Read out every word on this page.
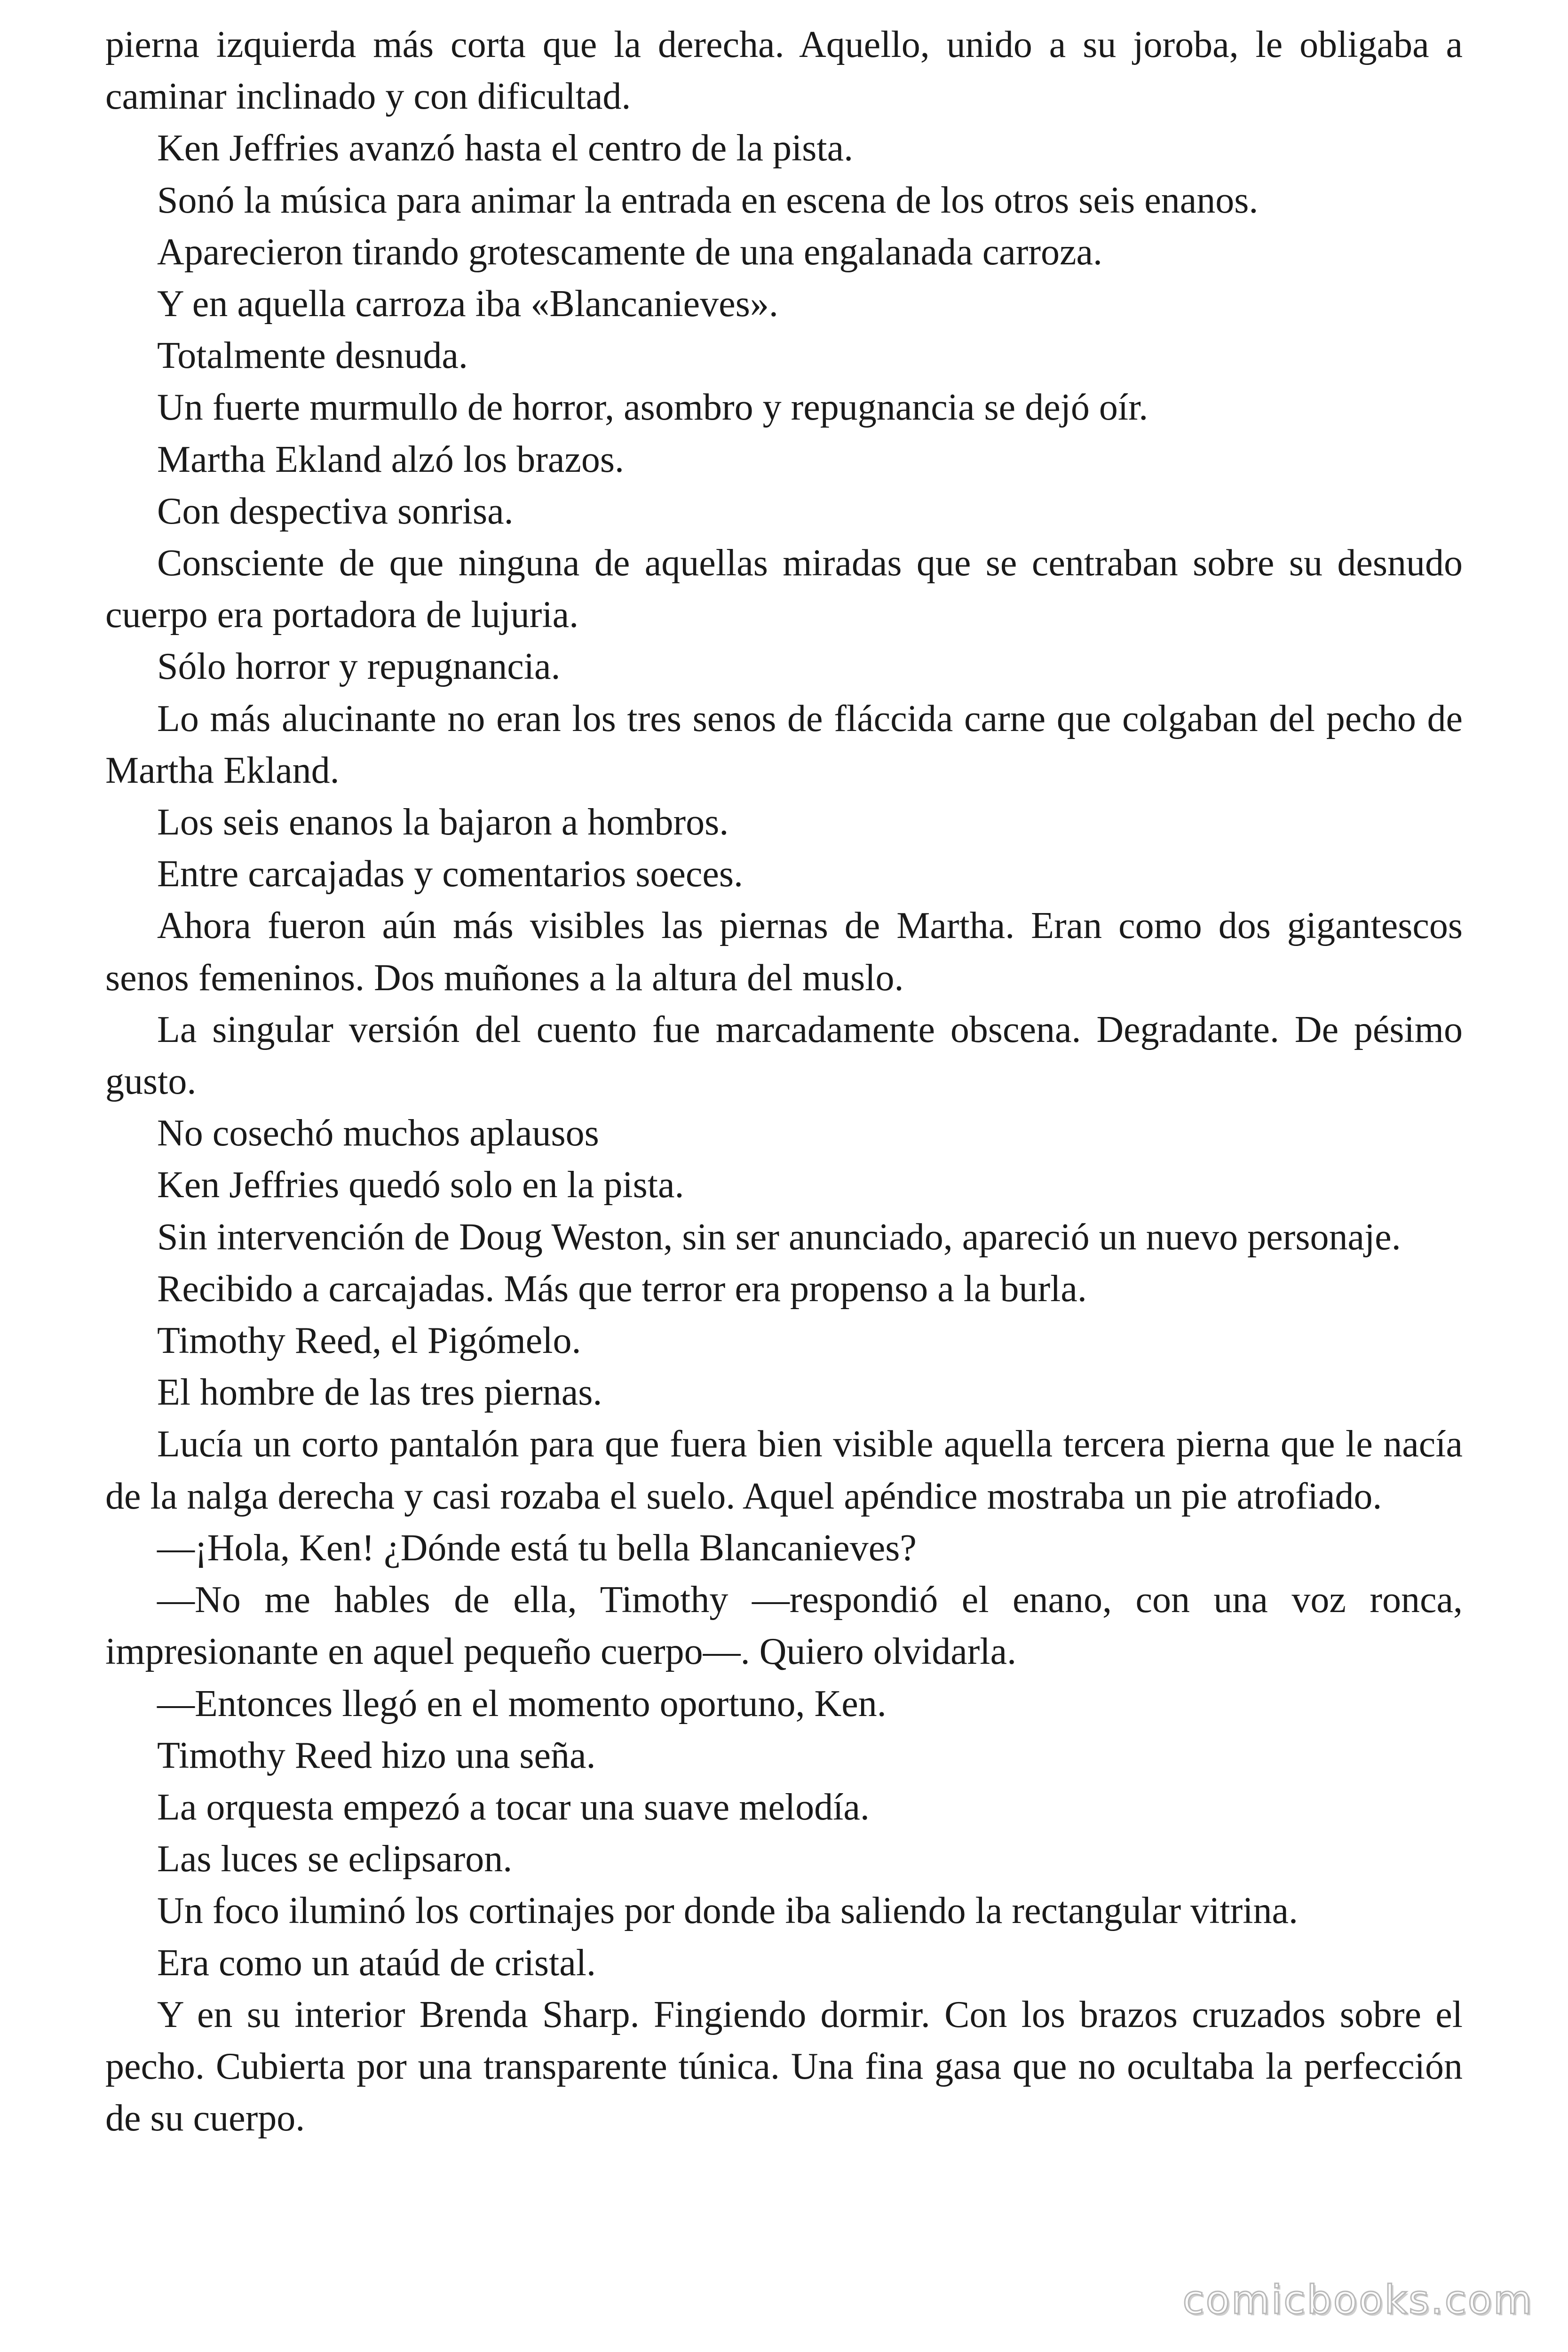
pierna izquierda más corta que la derecha. Aquello, unido a su joroba, le obligaba a caminar inclinado y con dificultad.

Ken Jeffries avanzó hasta el centro de la pista.

Sonó la música para animar la entrada en escena de los otros seis enanos.

Aparecieron tirando grotescamente de una engalanada carroza.

Y en aquella carroza iba «Blancanieves».

Totalmente desnuda.

Un fuerte murmullo de horror, asombro y repugnancia se dejó oír.

Martha Ekland alzó los brazos.

Con despectiva sonrisa.

Consciente de que ninguna de aquellas miradas que se centraban sobre su desnudo cuerpo era portadora de lujuria.

Sólo horror y repugnancia.

Lo más alucinante no eran los tres senos de fláccida carne que colgaban del pecho de Martha Ekland.

Los seis enanos la bajaron a hombros.

Entre carcajadas y comentarios soeces.

Ahora fueron aún más visibles las piernas de Martha. Eran como dos gigantescos senos femeninos. Dos muñones a la altura del muslo.

La singular versión del cuento fue marcadamente obscena. Degradante. De pésimo gusto.

No cosechó muchos aplausos

Ken Jeffries quedó solo en la pista.

Sin intervención de Doug Weston, sin ser anunciado, apareció un nuevo personaje.

Recibido a carcajadas. Más que terror era propenso a la burla.

Timothy Reed, el Pigómelo.

El hombre de las tres piernas.

Lucía un corto pantalón para que fuera bien visible aquella tercera pierna que le nacía de la nalga derecha y casi rozaba el suelo. Aquel apéndice mostraba un pie atrofiado.

—¡Hola, Ken! ¿Dónde está tu bella Blancanieves?

—No me hables de ella, Timothy —respondió el enano, con una voz ronca, impresionante en aquel pequeño cuerpo—. Quiero olvidarla.

—Entonces llegó en el momento oportuno, Ken.

Timothy Reed hizo una seña.

La orquesta empezó a tocar una suave melodía.

Las luces se eclipsaron.

Un foco iluminó los cortinajes por donde iba saliendo la rectangular vitrina.

Era como un ataúd de cristal.

Y en su interior Brenda Sharp. Fingiendo dormir. Con los brazos cruzados sobre el pecho. Cubierta por una transparente túnica. Una fina gasa que no ocultaba la perfección de su cuerpo.

comicbooks.com
